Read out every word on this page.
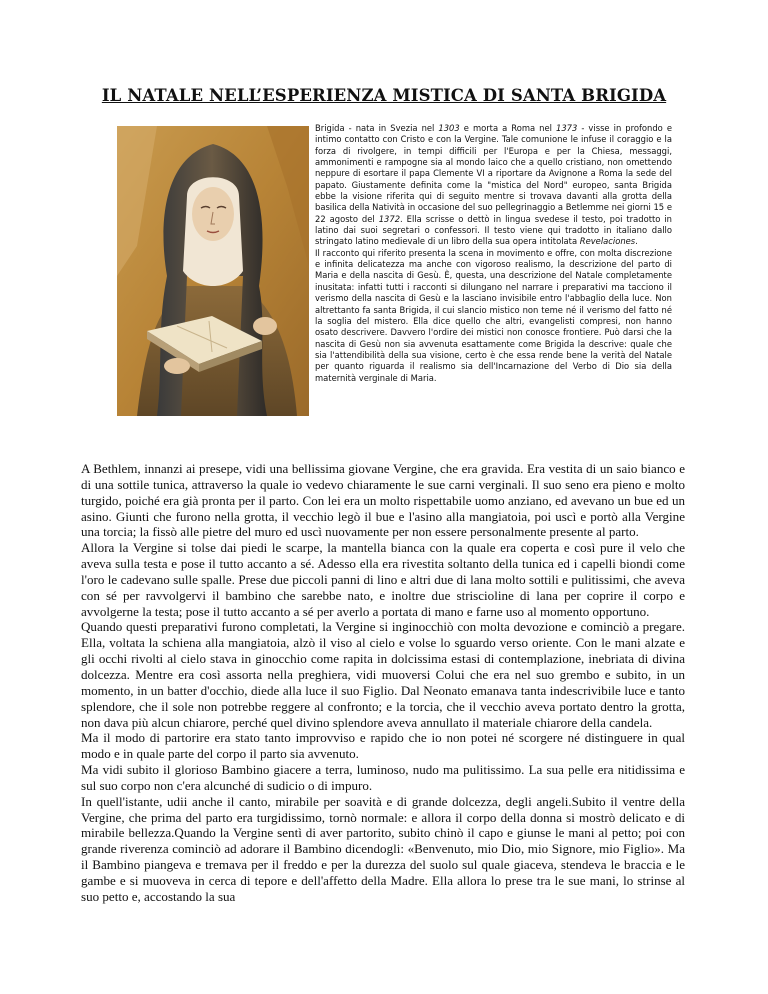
IL NATALE NELL’ESPERIENZA MISTICA DI SANTA BRIGIDA

Brigida - nata in Svezia nel 1303 e morta a Roma nel 1373 - visse in profondo e intimo contatto con Cristo e con la Vergine. Tale comunione le infuse il coraggio e la forza di rivolgere, in tempi difficili per l'Europa e per la Chiesa, messaggi, ammonimenti e rampogne sia al mondo laico che a quello cristiano, non omettendo neppure di esortare il papa Clemente VI a riportare da Avignone a Roma la sede del papato. Giustamente definita come la "mistica del Nord" europeo, santa Brigida ebbe la visione riferita qui di seguito mentre si trovava davanti alla grotta della basilica della Natività in occasione del suo pellegrinaggio a Betlemme nei giorni 15 e 22 agosto del 1372. Ella scrisse o dettò in lingua svedese il testo, poi tradotto in latino dai suoi segretari o confessori. Il testo viene qui tradotto in italiano dallo stringato latino medievale di un libro della sua opera intitolata Revelaciones.

Il racconto qui riferito presenta la scena in movimento e offre, con molta discrezione e infinita delicatezza ma anche con vigoroso realismo, la descrizione del parto di Maria e della nascita di Gesù. È, questa, una descrizione del Natale completamente inusitata: infatti tutti i racconti si dilungano nel narrare i preparativi ma tacciono il verismo della nascita di Gesù e la lasciano invisibile entro l'abbaglio della luce. Non altrettanto fa santa Brigida, il cui slancio mistico non teme né il verismo del fatto né la soglia del mistero. Ella dice quello che altri, evangelisti compresi, non hanno osato descrivere. Davvero l'ordire dei mistici non conosce frontiere. Può darsi che la nascita di Gesù non sia avvenuta esattamente come Brigida la descrive: quale che sia l'attendibilità della sua visione, certo è che essa rende bene la verità del Natale per quanto riguarda il realismo sia dell'Incarnazione del Verbo di Dio sia della maternità verginale di Maria.

A Bethlem, innanzi ai presepe, vidi una bellissima giovane Vergine, che era gravida. Era vestita di un saio bianco e di una sottile tunica, attraverso la quale io vedevo chiaramente le sue carni verginali. Il suo seno era pieno e molto turgido, poiché era già pronta per il parto. Con lei era un molto rispettabile uomo anziano, ed avevano un bue ed un asino. Giunti che furono nella grotta, il vecchio legò il bue e l'asino alla mangiatoia, poi uscì e portò alla Vergine una torcia; la fissò alle pietre del muro ed uscì nuovamente per non essere personalmente presente al parto.

Allora la Vergine si tolse dai piedi le scarpe, la mantella bianca con la quale era coperta e così pure il velo che aveva sulla testa e pose il tutto accanto a sé. Adesso ella era rivestita soltanto della tunica ed i capelli biondi come l'oro le cadevano sulle spalle. Prese due piccoli panni di lino e altri due di lana molto sottili e pulitissimi, che aveva con sé per ravvolgervi il bambino che sarebbe nato, e inoltre due striscioline di lana per coprire il corpo e avvolgerne la testa; pose il tutto accanto a sé per averlo a portata di mano e farne uso al momento opportuno.

Quando questi preparativi furono completati, la Vergine si inginocchiò con molta devozione e cominciò a pregare. Ella, voltata la schiena alla mangiatoia, alzò il viso al cielo e volse lo sguardo verso oriente. Con le mani alzate e gli occhi rivolti al cielo stava in ginocchio come rapita in dolcissima estasi di contemplazione, inebriata di divina dolcezza. Mentre era così assorta nella preghiera, vidi muoversi Colui che era nel suo grembo e subito, in un momento, in un batter d'occhio, diede alla luce il suo Figlio. Dal Neonato emanava tanta indescrivibile luce e tanto splendore, che il sole non potrebbe reggere al confronto; e la torcia, che il vecchio aveva portato dentro la grotta, non dava più alcun chiarore, perché quel divino splendore aveva annullato il materiale chiarore della candela.

Ma il modo di partorire era stato tanto improvviso e rapido che io non potei né scorgere né distinguere in qual modo e in quale parte del corpo il parto sia avvenuto.

Ma vidi subito il glorioso Bambino giacere a terra, luminoso, nudo ma pulitissimo. La sua pelle era nitidissima e sul suo corpo non c'era alcunché di sudicio o di impuro.

In quell'istante, udii anche il canto, mirabile per soavità e di grande dolcezza, degli angeli.Subito il ventre della Vergine, che prima del parto era turgidissimo, tornò normale: e allora il corpo della donna si mostrò delicato e di mirabile bellezza.Quando la Vergine sentì di aver partorito, subito chinò il capo e giunse le mani al petto; poi con grande riverenza cominciò ad adorare il Bambino dicendogli: «Benvenuto, mio Dio, mio Signore, mio Figlio». Ma il Bambino piangeva e tremava per il freddo e per la durezza del suolo sul quale giaceva, stendeva le braccia e le gambe e si muoveva in cerca di tepore e dell'affetto della Madre. Ella allora lo prese tra le sue mani, lo strinse al suo petto e, accostando la sua
